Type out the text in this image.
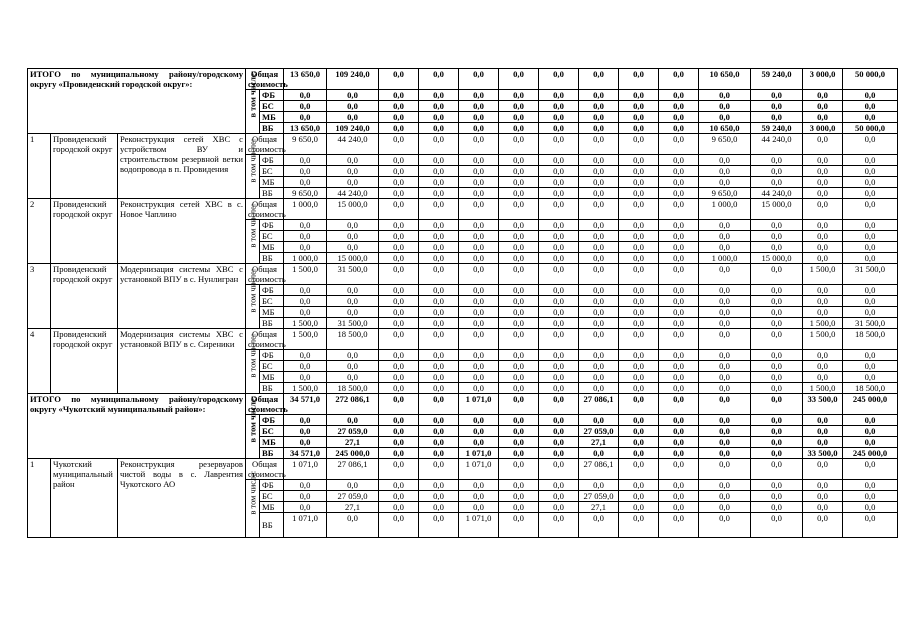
ИТОГО по муниципальному району/городскому округу «Провиденский городской округ»:			Общая стоимость		13 650,0	109 240,0	0,0	0,0	0,0	0,0	0,0	0,0	0,0	0,0	10 650,0	59 240,0	3 000,0	50 000,0

			в том числе:	ФБ	0,0	0,0	0,0	0,0	0,0	0,0	0,0	0,0	0,0	0,0	0,0	0,0	0,0	0,0
				БС	0,0	0,0	0,0	0,0	0,0	0,0	0,0	0,0	0,0	0,0	0,0	0,0	0,0	0,0
				МБ	0,0	0,0	0,0	0,0	0,0	0,0	0,0	0,0	0,0	0,0	0,0	0,0	0,0	0,0
				ВБ	13 650,0	109 240,0	0,0	0,0	0,0	0,0	0,0	0,0	0,0	0,0	10 650,0	59 240,0	3 000,0	50 000,0
1	Провиденский городской округ	Реконструкция сетей ХВС с устройством ВУ и строительством резервной ветки водопровода в п. Провидения	Общая стоимость		9 650,0	44 240,0	0,0	0,0	0,0	0,0	0,0	0,0	0,0	0,0	9 650,0	44 240,0	0,0	0,0

			в том числе:	ФБ	0,0	0,0	0,0	0,0	0,0	0,0	0,0	0,0	0,0	0,0	0,0	0,0	0,0	0,0
				БС	0,0	0,0	0,0	0,0	0,0	0,0	0,0	0,0	0,0	0,0	0,0	0,0	0,0	0,0
				МБ	0,0	0,0	0,0	0,0	0,0	0,0	0,0	0,0	0,0	0,0	0,0	0,0	0,0	0,0
				ВБ	9 650,0	44 240,0	0,0	0,0	0,0	0,0	0,0	0,0	0,0	0,0	9 650,0	44 240,0	0,0	0,0
2	Провиденский городской округ	Реконструкция сетей ХВС в с. Новое Чаплино	Общая стоимость		1 000,0	15 000,0	0,0	0,0	0,0	0,0	0,0	0,0	0,0	0,0	1 000,0	15 000,0	0,0	0,0

			в том числе:	ФБ	0,0	0,0	0,0	0,0	0,0	0,0	0,0	0,0	0,0	0,0	0,0	0,0	0,0	0,0
				БС	0,0	0,0	0,0	0,0	0,0	0,0	0,0	0,0	0,0	0,0	0,0	0,0	0,0	0,0
				МБ	0,0	0,0	0,0	0,0	0,0	0,0	0,0	0,0	0,0	0,0	0,0	0,0	0,0	0,0
				ВБ	1 000,0	15 000,0	0,0	0,0	0,0	0,0	0,0	0,0	0,0	0,0	1 000,0	15 000,0	0,0	0,0
3	Провиденский городской округ	Модернизация системы ХВС с установкой ВПУ в с. Нунлигран	Общая стоимость		1 500,0	31 500,0	0,0	0,0	0,0	0,0	0,0	0,0	0,0	0,0	0,0	0,0	1 500,0	31 500,0

			в том числе:	ФБ	0,0	0,0	0,0	0,0	0,0	0,0	0,0	0,0	0,0	0,0	0,0	0,0	0,0	0,0
				БС	0,0	0,0	0,0	0,0	0,0	0,0	0,0	0,0	0,0	0,0	0,0	0,0	0,0	0,0
				МБ	0,0	0,0	0,0	0,0	0,0	0,0	0,0	0,0	0,0	0,0	0,0	0,0	0,0	0,0
				ВБ	1 500,0	31 500,0	0,0	0,0	0,0	0,0	0,0	0,0	0,0	0,0	0,0	0,0	1 500,0	31 500,0
4	Провиденский городской округ	Модернизация системы ХВС с установкой ВПУ в с. Сиреники	Общая стоимость		1 500,0	18 500,0	0,0	0,0	0,0	0,0	0,0	0,0	0,0	0,0	0,0	0,0	1 500,0	18 500,0

			в том числе:	ФБ	0,0	0,0	0,0	0,0	0,0	0,0	0,0	0,0	0,0	0,0	0,0	0,0	0,0	0,0
				БС	0,0	0,0	0,0	0,0	0,0	0,0	0,0	0,0	0,0	0,0	0,0	0,0	0,0	0,0
				МБ	0,0	0,0	0,0	0,0	0,0	0,0	0,0	0,0	0,0	0,0	0,0	0,0	0,0	0,0
				ВБ	1 500,0	18 500,0	0,0	0,0	0,0	0,0	0,0	0,0	0,0	0,0	0,0	0,0	1 500,0	18 500,0
ИТОГО по муниципальному району/городскому округу «Чукотский муниципальный район»:			Общая стоимость		34 571,0	272 086,1	0,0	0,0	1 071,0	0,0	0,0	27 086,1	0,0	0,0	0,0	0,0	33 500,0	245 000,0

			в том числе:	ФБ	0,0	0,0	0,0	0,0	0,0	0,0	0,0	0,0	0,0	0,0	0,0	0,0	0,0	0,0
				БС	0,0	27 059,0	0,0	0,0	0,0	0,0	0,0	27 059,0	0,0	0,0	0,0	0,0	0,0	0,0
				МБ	0,0	27,1	0,0	0,0	0,0	0,0	0,0	27,1	0,0	0,0	0,0	0,0	0,0	0,0
				ВБ	34 571,0	245 000,0	0,0	0,0	1 071,0	0,0	0,0	0,0	0,0	0,0	0,0	0,0	33 500,0	245 000,0
1	Чукотский муниципальный район	Реконструкция резервуаров чистой воды в с. Лаврентия Чукотского АО	Общая стоимость		1 071,0	27 086,1	0,0	0,0	1 071,0	0,0	0,0	27 086,1	0,0	0,0	0,0	0,0	0,0	0,0

			в том числе:	ФБ	0,0	0,0	0,0	0,0	0,0	0,0	0,0	0,0	0,0	0,0	0,0	0,0	0,0	0,0
				БС	0,0	27 059,0	0,0	0,0	0,0	0,0	0,0	27 059,0	0,0	0,0	0,0	0,0	0,0	0,0
				МБ	0,0	27,1	0,0	0,0	0,0	0,0	0,0	27,1	0,0	0,0	0,0	0,0	0,0	0,0
				ВБ	1 071,0	0,0	0,0	0,0	1 071,0	0,0	0,0	0,0	0,0	0,0	0,0	0,0	0,0	0,0
